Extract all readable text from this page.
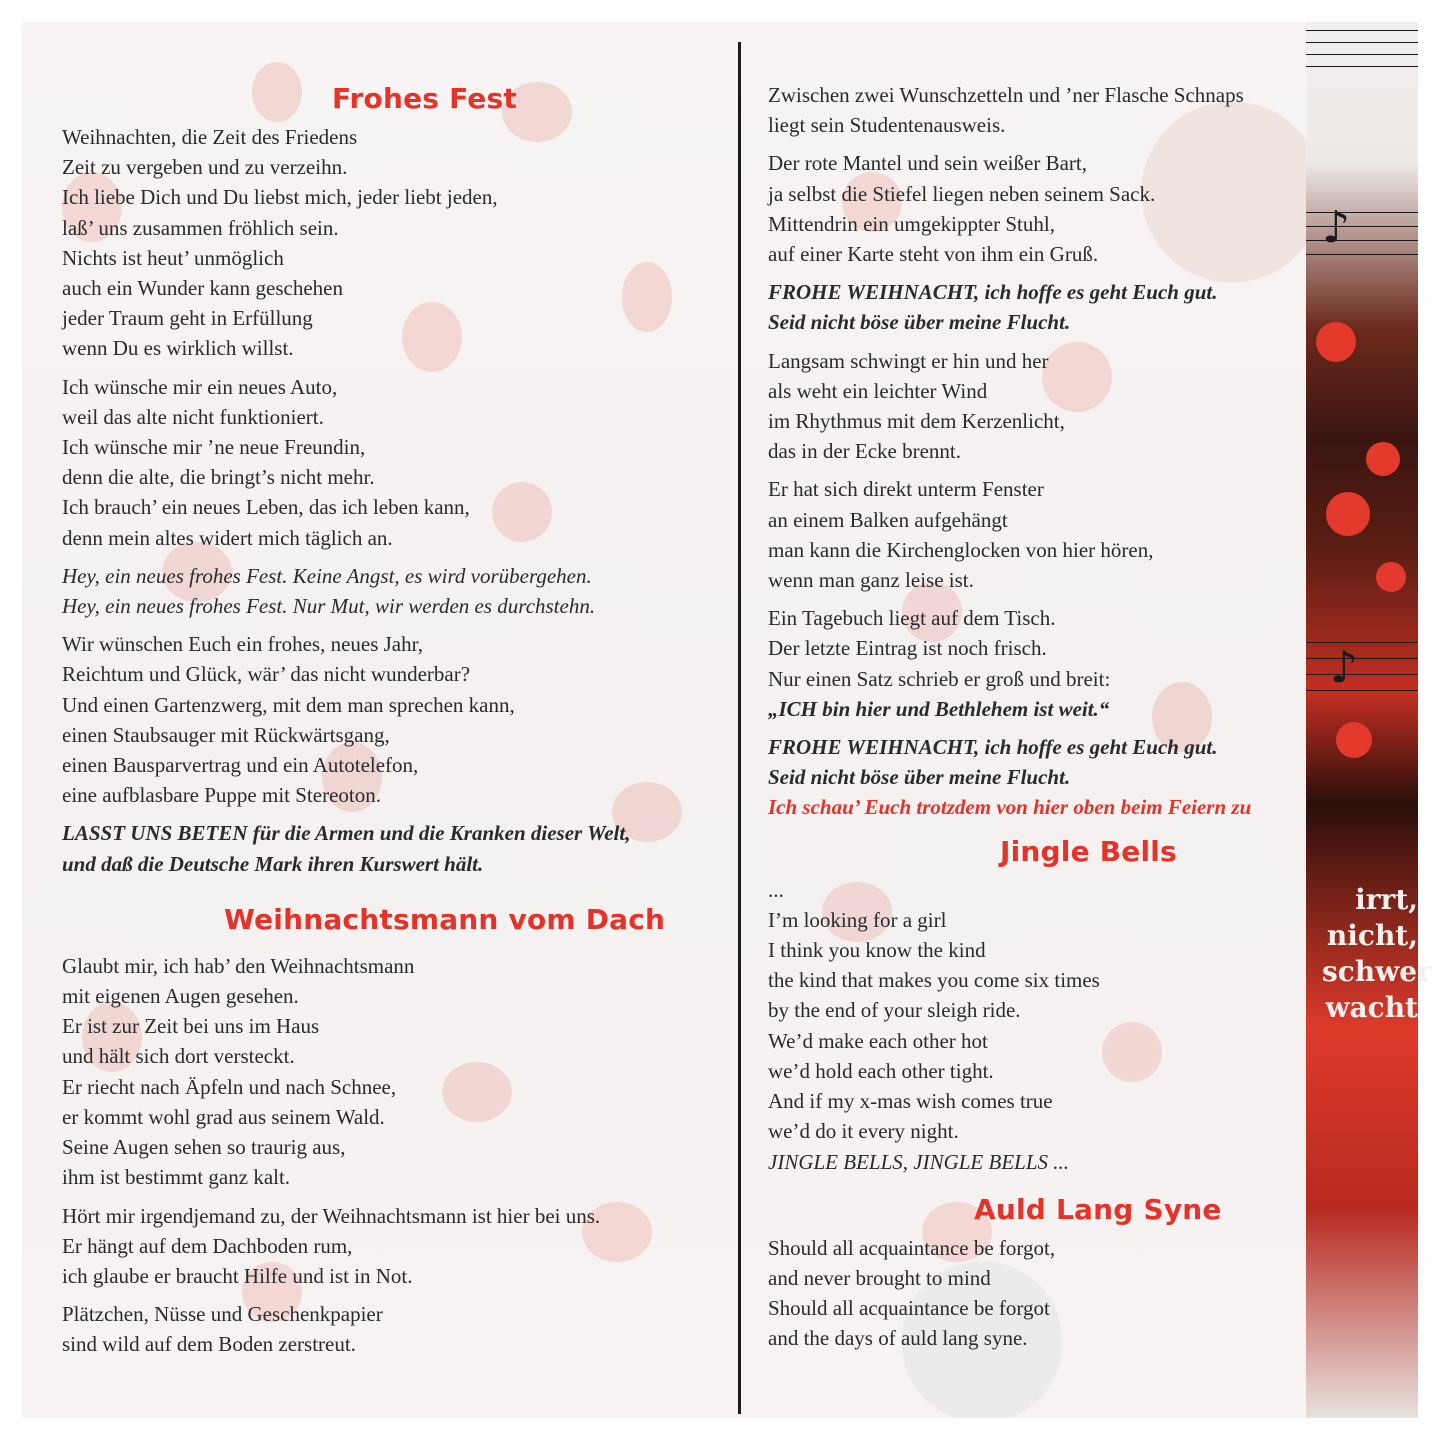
♪
♪
irrt,
nicht,
schwer
wacht
Frohes Fest
Weihnachten, die Zeit des Friedens
Zeit zu vergeben und zu verzeihn.
Ich liebe Dich und Du liebst mich, jeder liebt jeden,
laß’ uns zusammen fröhlich sein.
Nichts ist heut’ unmöglich
auch ein Wunder kann geschehen
jeder Traum geht in Erfüllung
wenn Du es wirklich willst.
Ich wünsche mir ein neues Auto,
weil das alte nicht funktioniert.
Ich wünsche mir ’ne neue Freundin,
denn die alte, die bringt’s nicht mehr.
Ich brauch’ ein neues Leben, das ich leben kann,
denn mein altes widert mich täglich an.
Hey, ein neues frohes Fest. Keine Angst, es wird vorübergehen.
Hey, ein neues frohes Fest. Nur Mut, wir werden es durchstehn.
Wir wünschen Euch ein frohes, neues Jahr,
Reichtum und Glück, wär’ das nicht wunderbar?
Und einen Gartenzwerg, mit dem man sprechen kann,
einen Staubsauger mit Rückwärtsgang,
einen Bausparvertrag und ein Autotelefon,
eine aufblasbare Puppe mit Stereoton.
LASST UNS BETEN für die Armen und die Kranken dieser Welt,
und daß die Deutsche Mark ihren Kurswert hält.
Weihnachtsmann vom Dach
Glaubt mir, ich hab’ den Weihnachtsmann
mit eigenen Augen gesehen.
Er ist zur Zeit bei uns im Haus
und hält sich dort versteckt.
Er riecht nach Äpfeln und nach Schnee,
er kommt wohl grad aus seinem Wald.
Seine Augen sehen so traurig aus,
ihm ist bestimmt ganz kalt.
Hört mir irgendjemand zu, der Weihnachtsmann ist hier bei uns.
Er hängt auf dem Dachboden rum,
ich glaube er braucht Hilfe und ist in Not.
Plätzchen, Nüsse und Geschenkpapier
sind wild auf dem Boden zerstreut.
Zwischen zwei Wunschzetteln und ’ner Flasche Schnaps
liegt sein Studentenausweis.
Der rote Mantel und sein weißer Bart,
ja selbst die Stiefel liegen neben seinem Sack.
Mittendrin ein umgekippter Stuhl,
auf einer Karte steht von ihm ein Gruß.
FROHE WEIHNACHT, ich hoffe es geht Euch gut.
Seid nicht böse über meine Flucht.
Langsam schwingt er hin und her
als weht ein leichter Wind
im Rhythmus mit dem Kerzenlicht,
das in der Ecke brennt.
Er hat sich direkt unterm Fenster
an einem Balken aufgehängt
man kann die Kirchenglocken von hier hören,
wenn man ganz leise ist.
Ein Tagebuch liegt auf dem Tisch.
Der letzte Eintrag ist noch frisch.
Nur einen Satz schrieb er groß und breit:
„ICH bin hier und Bethlehem ist weit.“
FROHE WEIHNACHT, ich hoffe es geht Euch gut.
Seid nicht böse über meine Flucht.
Ich schau’ Euch trotzdem von hier oben beim Feiern zu
Jingle Bells
...
I’m looking for a girl
I think you know the kind
the kind that makes you come six times
by the end of your sleigh ride.
We’d make each other hot
we’d hold each other tight.
And if my x-mas wish comes true
we’d do it every night.
JINGLE BELLS, JINGLE BELLS ...
Auld Lang Syne
Should all acquaintance be forgot,
and never brought to mind
Should all acquaintance be forgot
and the days of auld lang syne.
